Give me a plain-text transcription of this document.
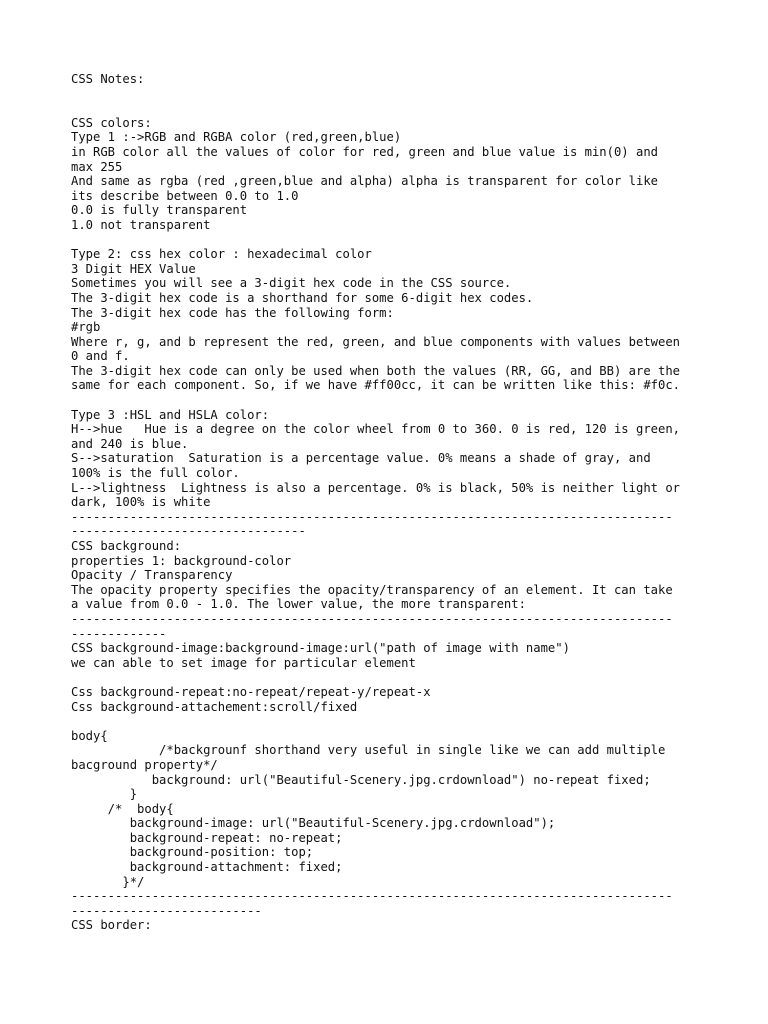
CSS Notes:
CSS colors:
Type 1 :->RGB and RGBA color (red,green,blue)
in RGB color all the values of color for red, green and blue value is min(0) and
max 255
And same as rgba (red ,green,blue and alpha) alpha is transparent for color like
its describe between 0.0 to 1.0
0.0 is fully transparent
1.0 not transparent
Type 2: css hex color : hexadecimal color
3 Digit HEX Value
Sometimes you will see a 3-digit hex code in the CSS source.
The 3-digit hex code is a shorthand for some 6-digit hex codes.
The 3-digit hex code has the following form:
#rgb
Where r, g, and b represent the red, green, and blue components with values between
0 and f.
The 3-digit hex code can only be used when both the values (RR, GG, and BB) are the
same for each component. So, if we have #ff00cc, it can be written like this: #f0c.
Type 3 :HSL and HSLA color:
H-->hue   Hue is a degree on the color wheel from 0 to 360. 0 is red, 120 is green,
and 240 is blue.
S-->saturation  Saturation is a percentage value. 0% means a shade of gray, and
100% is the full color.
L-->lightness  Lightness is also a percentage. 0% is black, 50% is neither light or
dark, 100% is white
----------------------------------------------------------------------------------
--------------------------------
CSS background:
properties 1: background-color
Opacity / Transparency
The opacity property specifies the opacity/transparency of an element. It can take
a value from 0.0 - 1.0. The lower value, the more transparent:
----------------------------------------------------------------------------------
-------------
CSS background-image:background-image:url("path of image with name")
we can able to set image for particular element
Css background-repeat:no-repeat/repeat-y/repeat-x
Css background-attachement:scroll/fixed
body{
/*backgrounf shorthand very useful in single like we can add multiple
bacground property*/
background: url("Beautiful-Scenery.jpg.crdownload") no-repeat fixed;
}
/*  body{
background-image: url("Beautiful-Scenery.jpg.crdownload");
background-repeat: no-repeat;
background-position: top;
background-attachment: fixed;
}*/
----------------------------------------------------------------------------------
--------------------------
CSS border:
